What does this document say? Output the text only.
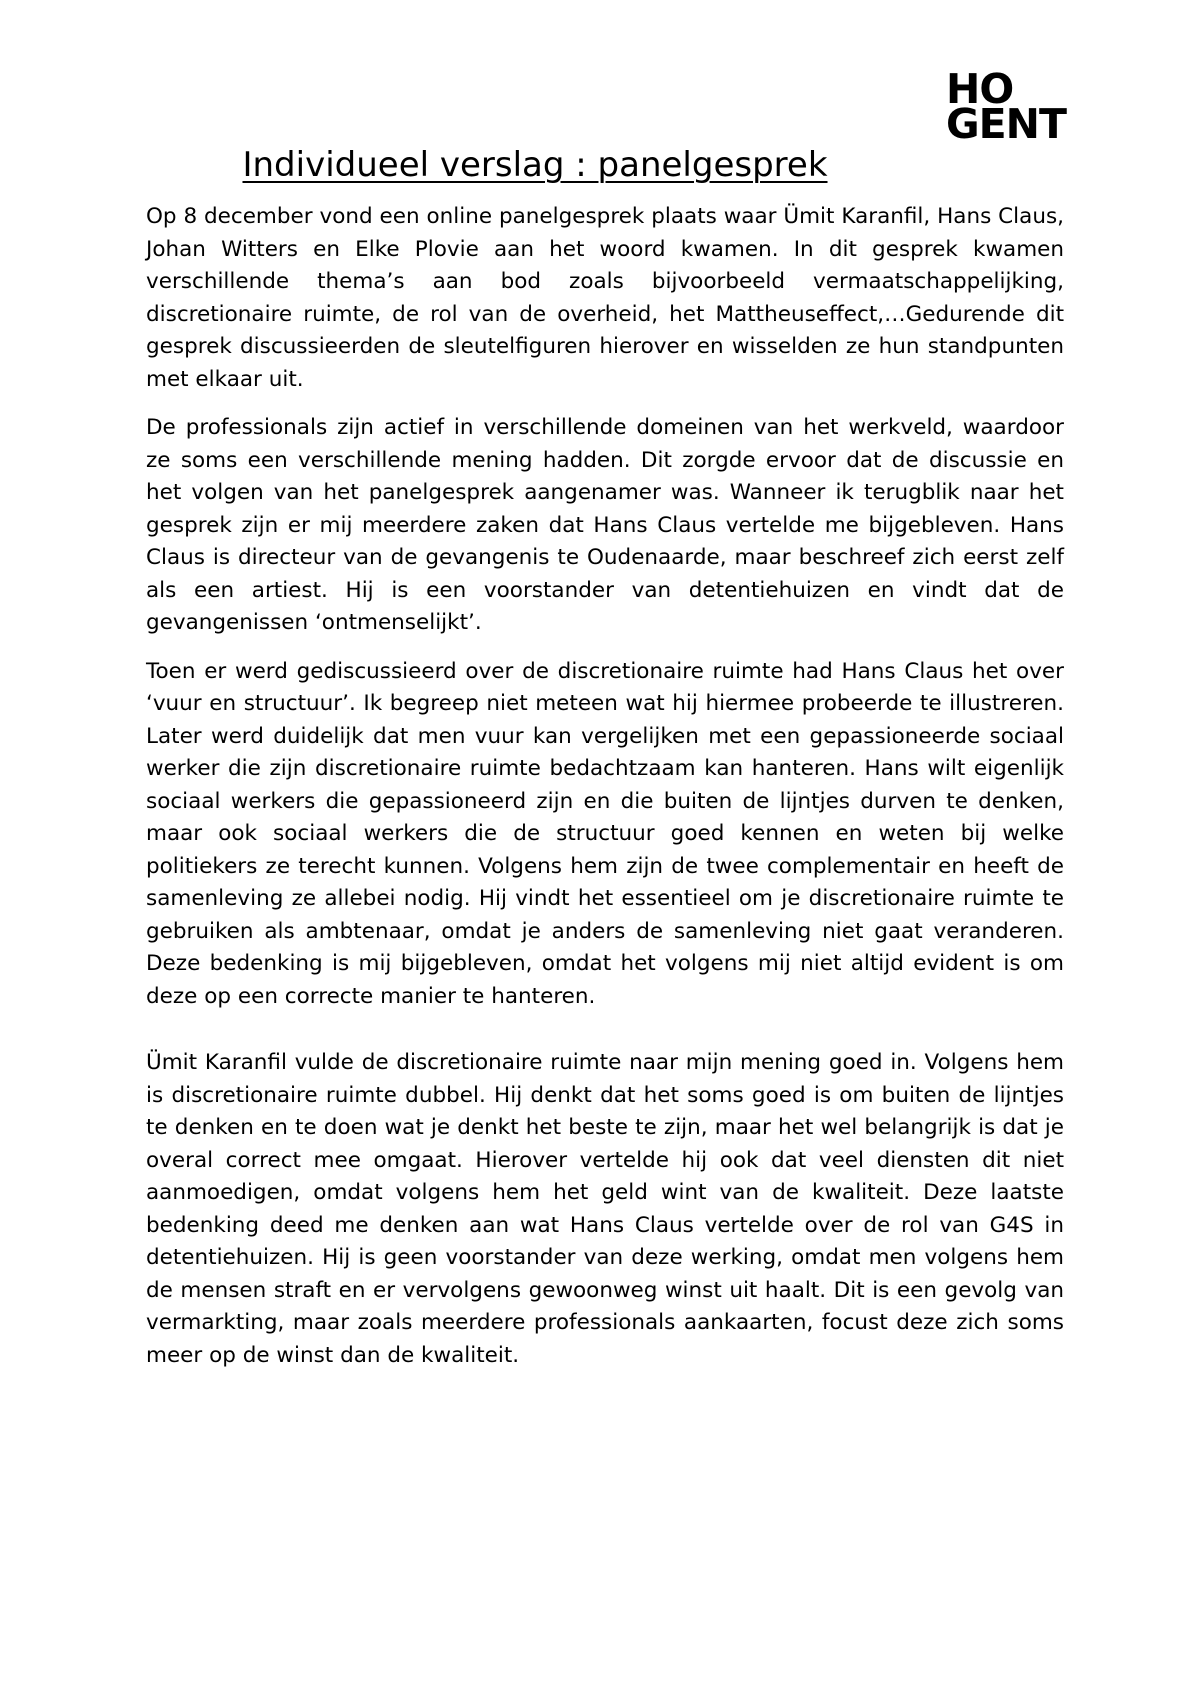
HO
GENT
Individueel verslag : panelgesprek

Op 8 december vond een online panelgesprek plaats waar Ümit Karanfil, Hans Claus, Johan Witters en Elke Plovie aan het woord kwamen. In dit gesprek kwamen verschillende thema’s aan bod zoals bijvoorbeeld vermaatschappelijking, discretionaire ruimte, de rol van de overheid, het Mattheuseffect,…Gedurende dit gesprek discussieerden de sleutelfiguren hierover en wisselden ze hun standpunten met elkaar uit.

De professionals zijn actief in verschillende domeinen van het werkveld, waardoor ze soms een verschillende mening hadden. Dit zorgde ervoor dat de discussie en het volgen van het panelgesprek aangenamer was. Wanneer ik terugblik naar het gesprek zijn er mij meerdere zaken dat Hans Claus vertelde me bijgebleven. Hans Claus is directeur van de gevangenis te Oudenaarde, maar beschreef zich eerst zelf als een artiest. Hij is een voorstander van detentiehuizen en vindt dat de gevangenissen ‘ontmenselijkt’.

Toen er werd gediscussieerd over de discretionaire ruimte had Hans Claus het over ‘vuur en structuur’. Ik begreep niet meteen wat hij hiermee probeerde te illustreren. Later werd duidelijk dat men vuur kan vergelijken met een gepassioneerde sociaal werker die zijn discretionaire ruimte bedachtzaam kan hanteren. Hans wilt eigenlijk sociaal werkers die gepassioneerd zijn en die buiten de lijntjes durven te denken, maar ook sociaal werkers die de structuur goed kennen en weten bij welke politiekers ze terecht kunnen. Volgens hem zijn de twee complementair en heeft de samenleving ze allebei nodig. Hij vindt het essentieel om je discretionaire ruimte te gebruiken als ambtenaar, omdat je anders de samenleving niet gaat veranderen. Deze bedenking is mij bijgebleven, omdat het volgens mij niet altijd evident is om deze op een correcte manier te hanteren.

Ümit Karanfil vulde de discretionaire ruimte naar mijn mening goed in. Volgens hem is discretionaire ruimte dubbel. Hij denkt dat het soms goed is om buiten de lijntjes te denken en te doen wat je denkt het beste te zijn, maar het wel belangrijk is dat je overal correct mee omgaat. Hierover vertelde hij ook dat veel diensten dit niet aanmoedigen, omdat volgens hem het geld wint van de kwaliteit. Deze laatste bedenking deed me denken aan wat Hans Claus vertelde over de rol van G4S in detentiehuizen. Hij is geen voorstander van deze werking, omdat men volgens hem de mensen straft en er vervolgens gewoonweg winst uit haalt. Dit is een gevolg van vermarkting, maar zoals meerdere professionals aankaarten, focust deze zich soms meer op de winst dan de kwaliteit.
